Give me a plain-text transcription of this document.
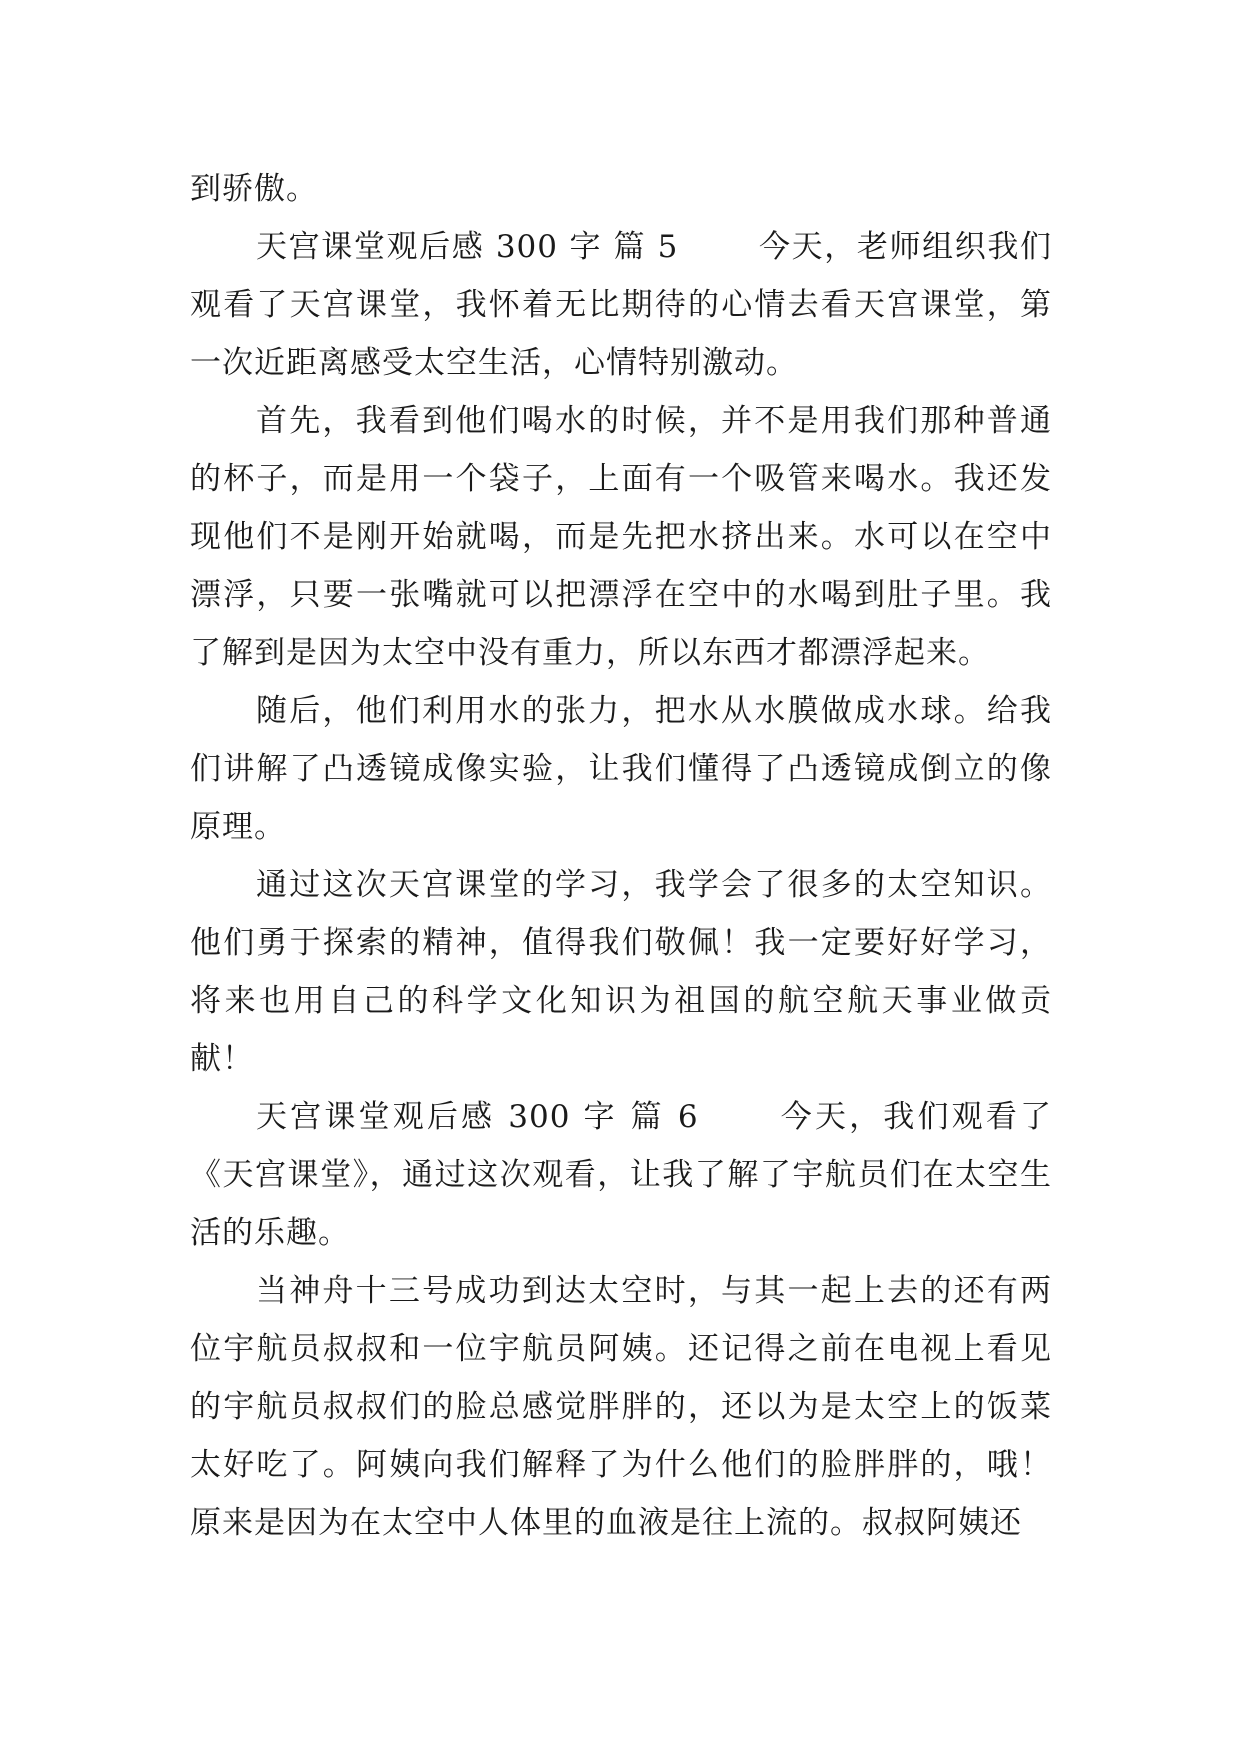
到骄傲。

天宫课堂观后感 300 字 篇 5	今天，老师组织我们观看了天宫课堂，我怀着无比期待的心情去看天宫课堂，第一次近距离感受太空生活，心情特别激动。

首先，我看到他们喝水的时候，并不是用我们那种普通的杯子，而是用一个袋子，上面有一个吸管来喝水。我还发现他们不是刚开始就喝，而是先把水挤出来。水可以在空中漂浮，只要一张嘴就可以把漂浮在空中的水喝到肚子里。我了解到是因为太空中没有重力，所以东西才都漂浮起来。

随后，他们利用水的张力，把水从水膜做成水球。给我们讲解了凸透镜成像实验，让我们懂得了凸透镜成倒立的像原理。

通过这次天宫课堂的学习，我学会了很多的太空知识。他们勇于探索的精神，值得我们敬佩！我一定要好好学习，将来也用自己的科学文化知识为祖国的航空航天事业做贡献！

天宫课堂观后感 300 字 篇 6	今天，我们观看了《天宫课堂》，通过这次观看，让我了解了宇航员们在太空生活的乐趣。

当神舟十三号成功到达太空时，与其一起上去的还有两位宇航员叔叔和一位宇航员阿姨。还记得之前在电视上看见的宇航员叔叔们的脸总感觉胖胖的，还以为是太空上的饭菜太好吃了。阿姨向我们解释了为什么他们的脸胖胖的，哦！原来是因为在太空中人体里的血液是往上流的。叔叔阿姨还
